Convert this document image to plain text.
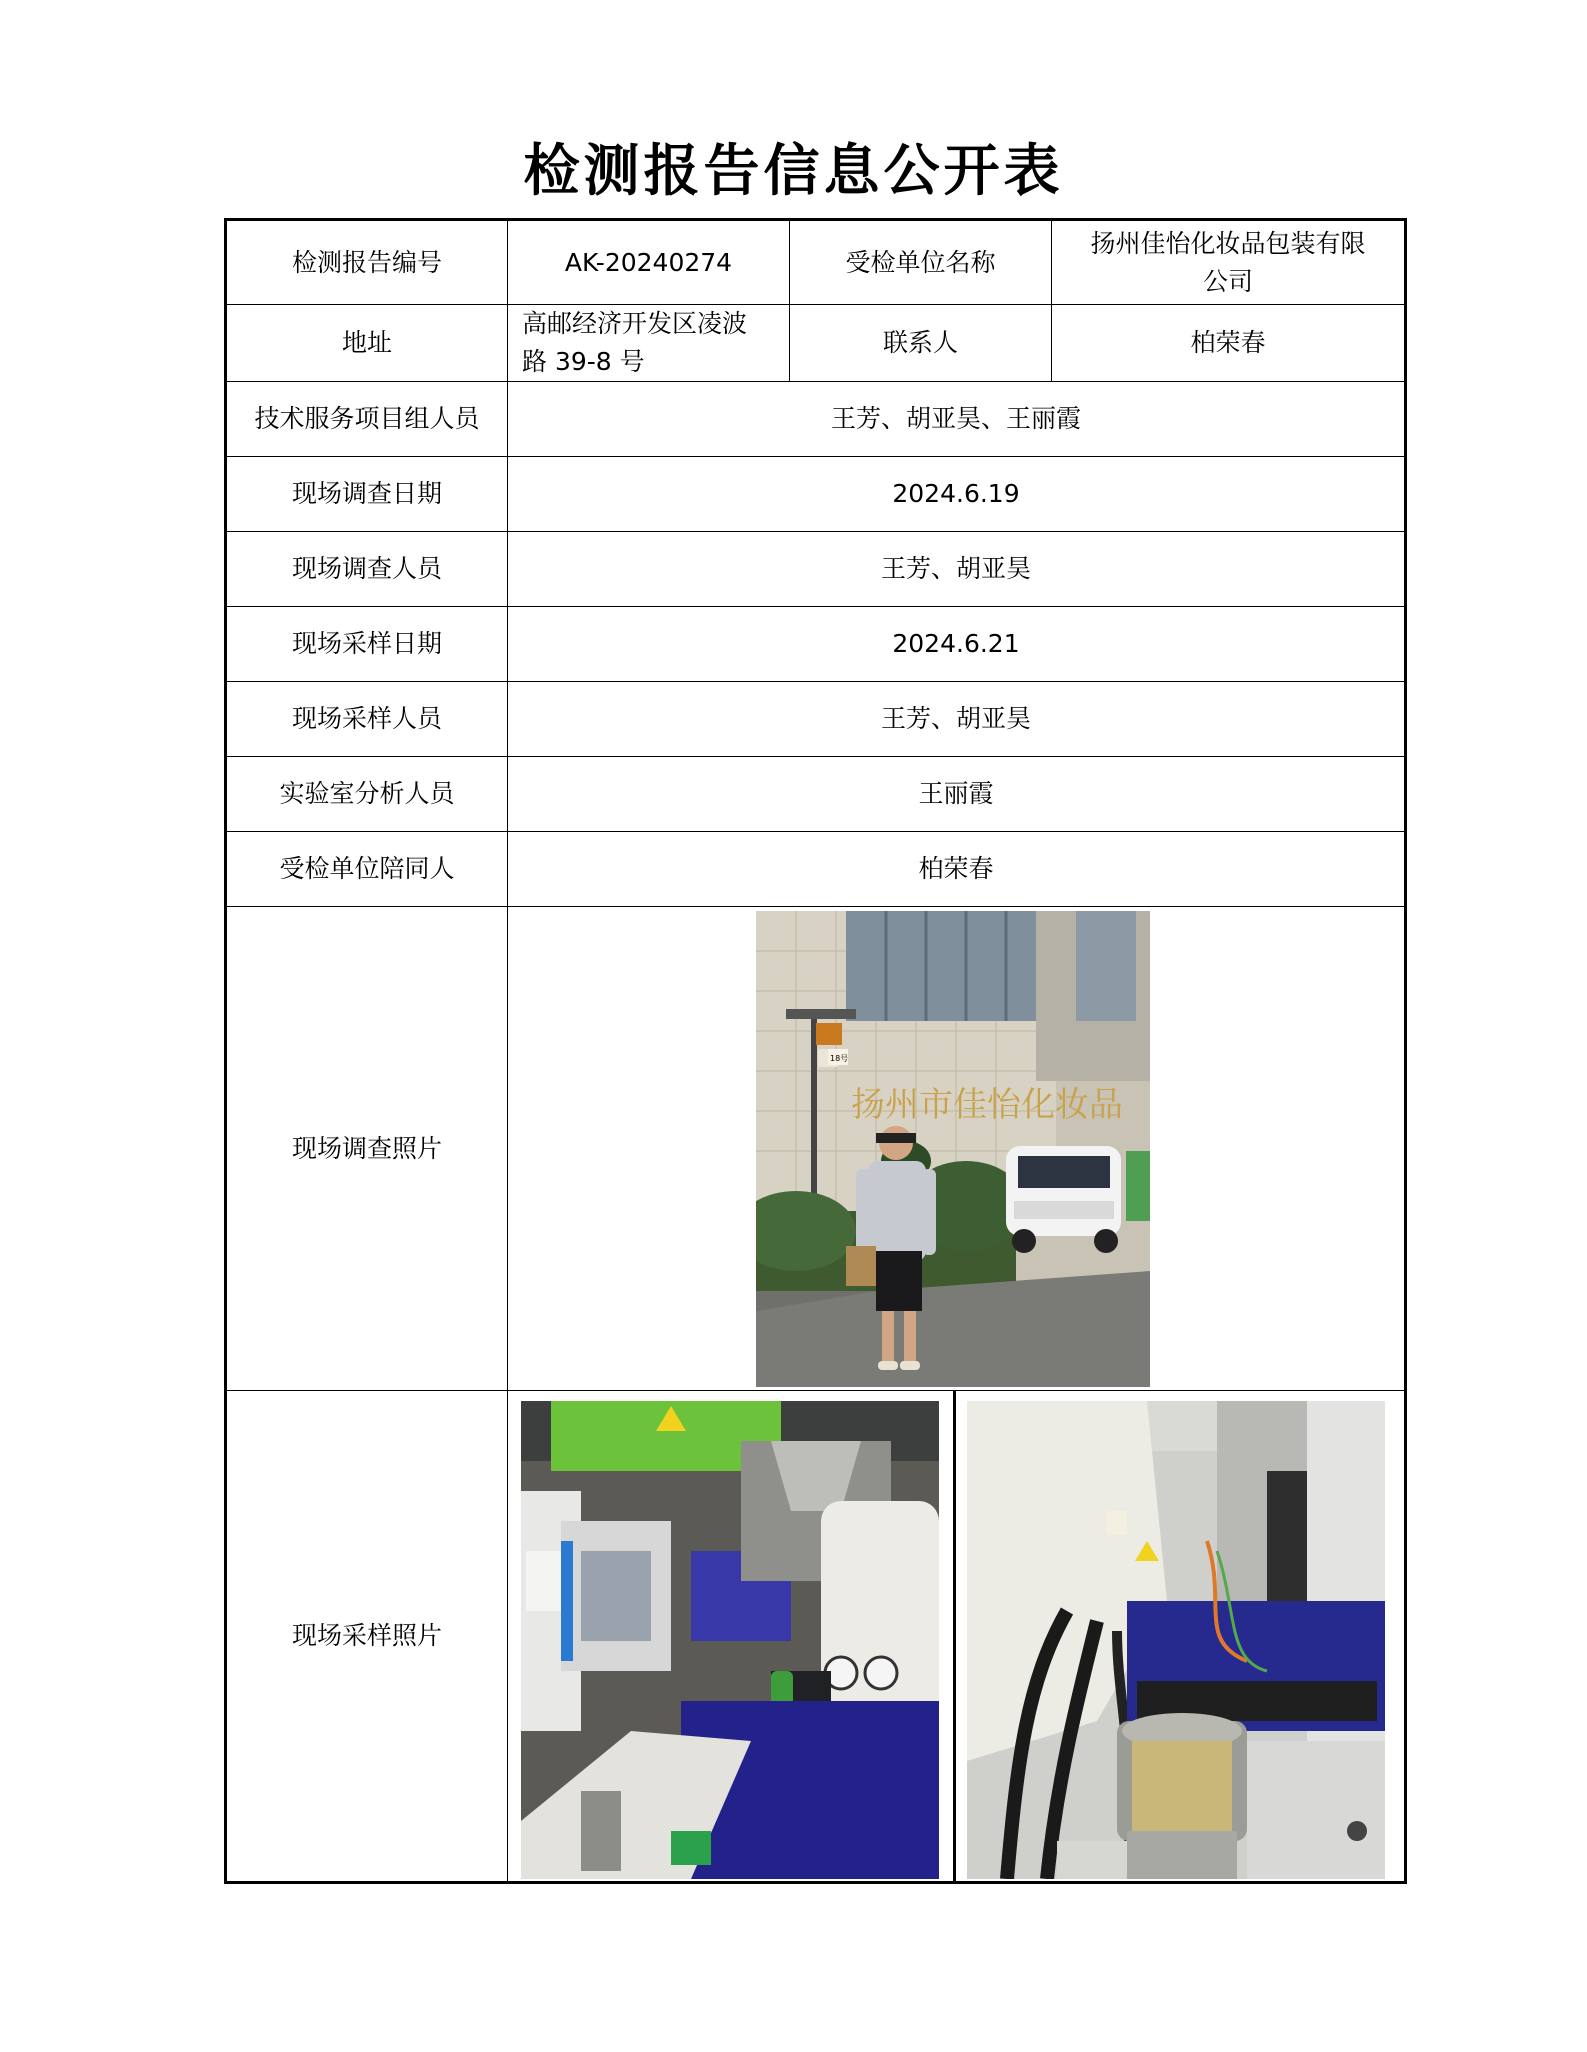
检测报告信息公开表
检测报告编号	AK-20240274	受检单位名称	扬州佳怡化妆品包装有限
公司

地址	高邮经济开发区凌波
路 39-8 号	联系人	柏荣春
技术服务项目组人员	王芳、胡亚昊、王丽霞		
现场调查日期	2024.6.19		
现场调查人员	王芳、胡亚昊		
现场采样日期	2024.6.21		
现场采样人员	王芳、胡亚昊		
实验室分析人员	王丽霞		
受检单位陪同人	柏荣春		
现场调查照片	扬州市佳怡化妆品
18号		

现场采样照片	
